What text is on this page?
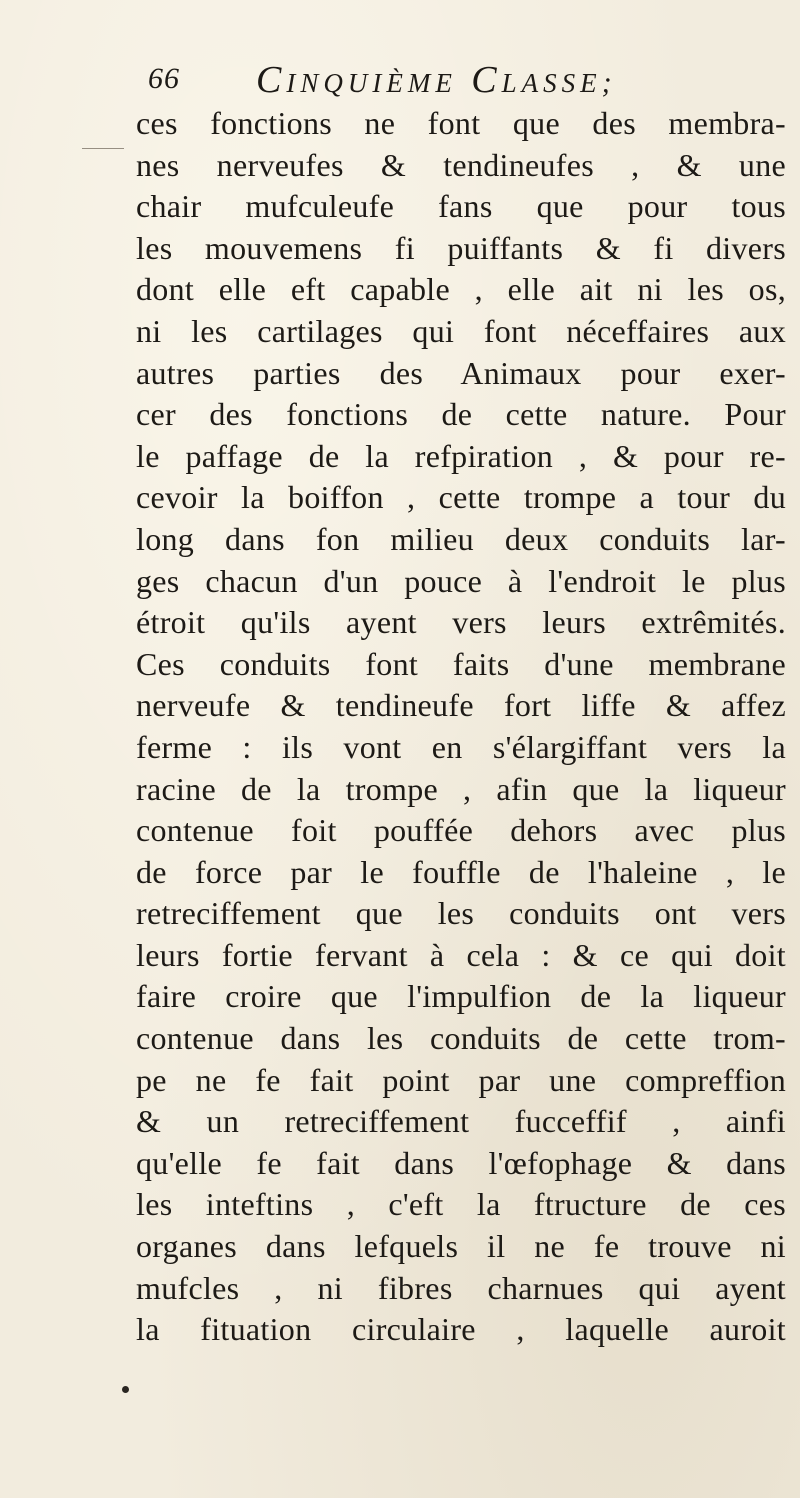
66 Cinquième Classe;
ces fonctions ne font que des membra-
nes nerveufes & tendineufes , & une
chair mufculeufe fans que pour tous
les mouvemens fi puiffants & fi divers
dont elle eft capable , elle ait ni les os,
ni les cartilages qui font néceffaires aux
autres parties des Animaux pour exer-
cer des fonctions de cette nature. Pour
le paffage de la refpiration , & pour re-
cevoir la boiffon , cette trompe a tour du
long dans fon milieu deux conduits lar-
ges chacun d'un pouce à l'endroit le plus
étroit qu'ils ayent vers leurs extrêmités.
Ces conduits font faits d'une membrane
nerveufe & tendineufe fort liffe & affez
ferme : ils vont en s'élargiffant vers la
racine de la trompe , afin que la liqueur
contenue foit pouffée dehors avec plus
de force par le fouffle de l'haleine , le
retreciffement que les conduits ont vers
leurs fortie fervant à cela : & ce qui doit
faire croire que l'impulfion de la liqueur
contenue dans les conduits de cette trom-
pe ne fe fait point par une compreffion
& un retreciffement fucceffif , ainfi
qu'elle fe fait dans l'œfophage & dans
les inteftins , c'eft la ftructure de ces
organes dans lefquels il ne fe trouve ni
mufcles , ni fibres charnues qui ayent
la fituation circulaire , laquelle auroit
